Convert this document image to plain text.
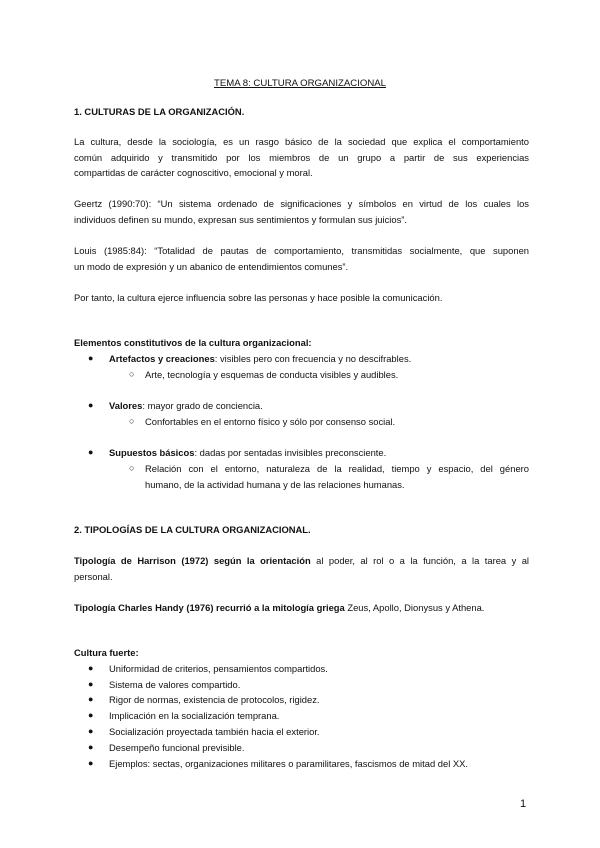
TEMA 8: CULTURA ORGANIZACIONAL
1. CULTURAS DE LA ORGANIZACIÓN.
La cultura, desde la sociología, es un rasgo básico de la sociedad que explica el comportamiento
común adquirido y transmitido por los miembros de un grupo a partir de sus experiencias
compartidas de carácter cognoscitivo, emocional y moral.
Geertz (1990:70): “Un sistema ordenado de significaciones y símbolos en virtud de los cuales los
individuos definen su mundo, expresan sus sentimientos y formulan sus juicios”.
Louis (1985:84): “Totalidad de pautas de comportamiento, transmitidas socialmente, que suponen
un modo de expresión y un abanico de entendimientos comunes”.
Por tanto, la cultura ejerce influencia sobre las personas y hace posible la comunicación.
Elementos constitutivos de la cultura organizacional:
● Artefactos y creaciones: visibles pero con frecuencia y no descifrables.
○ Arte, tecnología y esquemas de conducta visibles y audibles.
● Valores: mayor grado de conciencia.
○ Confortables en el entorno físico y sólo por consenso social.
● Supuestos básicos: dadas por sentadas invisibles preconsciente.
○ Relación con el entorno, naturaleza de la realidad, tiempo y espacio, del género
humano, de la actividad humana y de las relaciones humanas.
2. TIPOLOGÍAS DE LA CULTURA ORGANIZACIONAL.
Tipología de Harrison (1972) según la orientación al poder, al rol o a la función, a la tarea y al
personal.
Tipología Charles Handy (1976) recurrió a la mitología griega Zeus, Apollo, Dionysus y Athena.
Cultura fuerte:
● Uniformidad de criterios, pensamientos compartidos.
● Sistema de valores compartido.
● Rigor de normas, existencia de protocolos, rigidez.
● Implicación en la socialización temprana.
● Socialización proyectada también hacia el exterior.
● Desempeño funcional previsible.
● Ejemplos: sectas, organizaciones militares o paramilitares, fascismos de mitad del XX.
1
